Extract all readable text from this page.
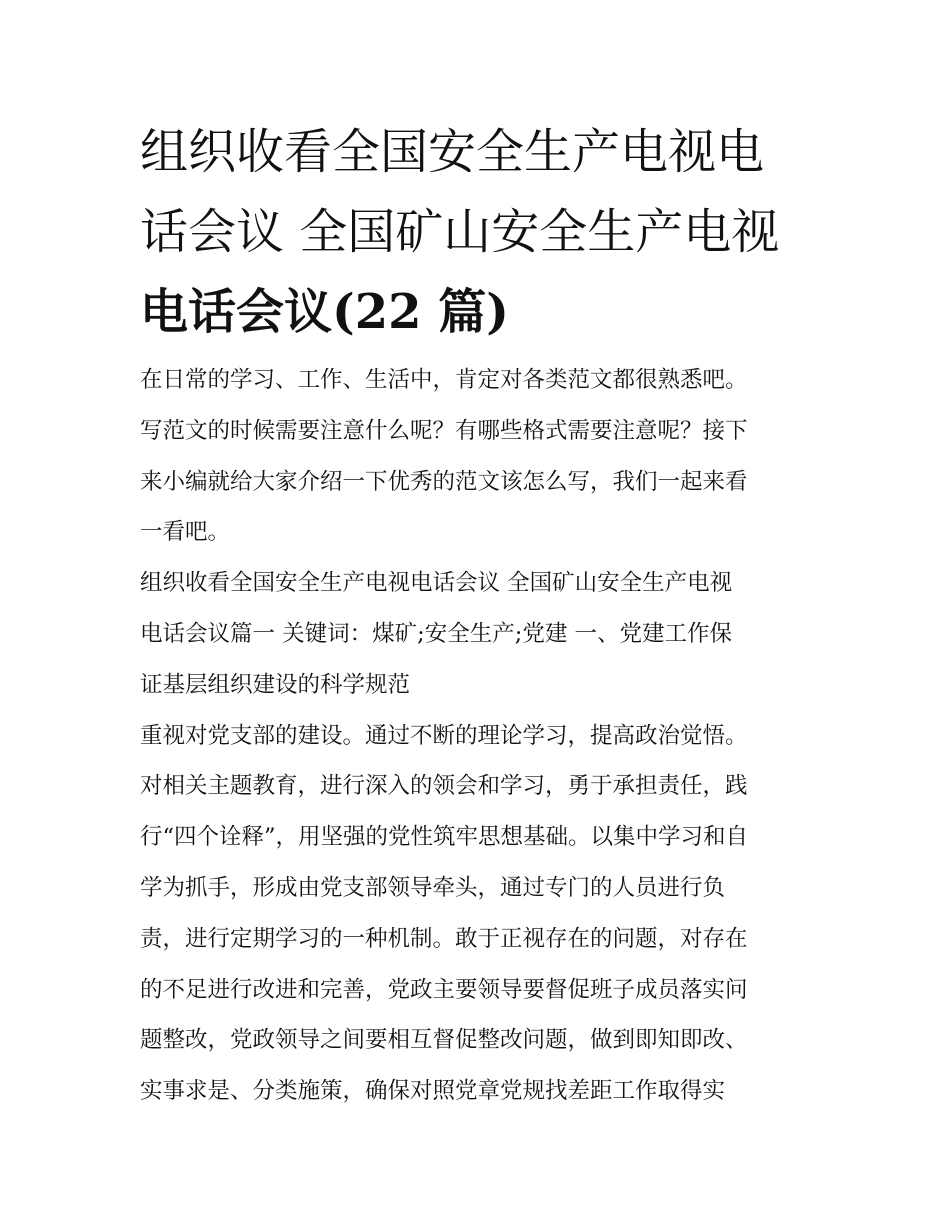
组织收看全国安全生产电视电
话会议 全国矿山安全生产电视
电话会议(22 篇)
在日常的学习、工作、生活中，肯定对各类范文都很熟悉吧。
写范文的时候需要注意什么呢？有哪些格式需要注意呢？接下
来小编就给大家介绍一下优秀的范文该怎么写，我们一起来看
一看吧。
组织收看全国安全生产电视电话会议 全国矿山安全生产电视
电话会议篇一 关键词：煤矿;安全生产;党建 一、党建工作保
证基层组织建设的科学规范
重视对党支部的建设。通过不断的理论学习，提高政治觉悟。
对相关主题教育，进行深入的领会和学习，勇于承担责任，践
行“四个诠释”，用坚强的党性筑牢思想基础。以集中学习和自
学为抓手，形成由党支部领导牵头，通过专门的人员进行负
责，进行定期学习的一种机制。敢于正视存在的问题，对存在
的不足进行改进和完善，党政主要领导要督促班子成员落实问
题整改，党政领导之间要相互督促整改问题，做到即知即改、
实事求是、分类施策，确保对照党章党规找差距工作取得实
